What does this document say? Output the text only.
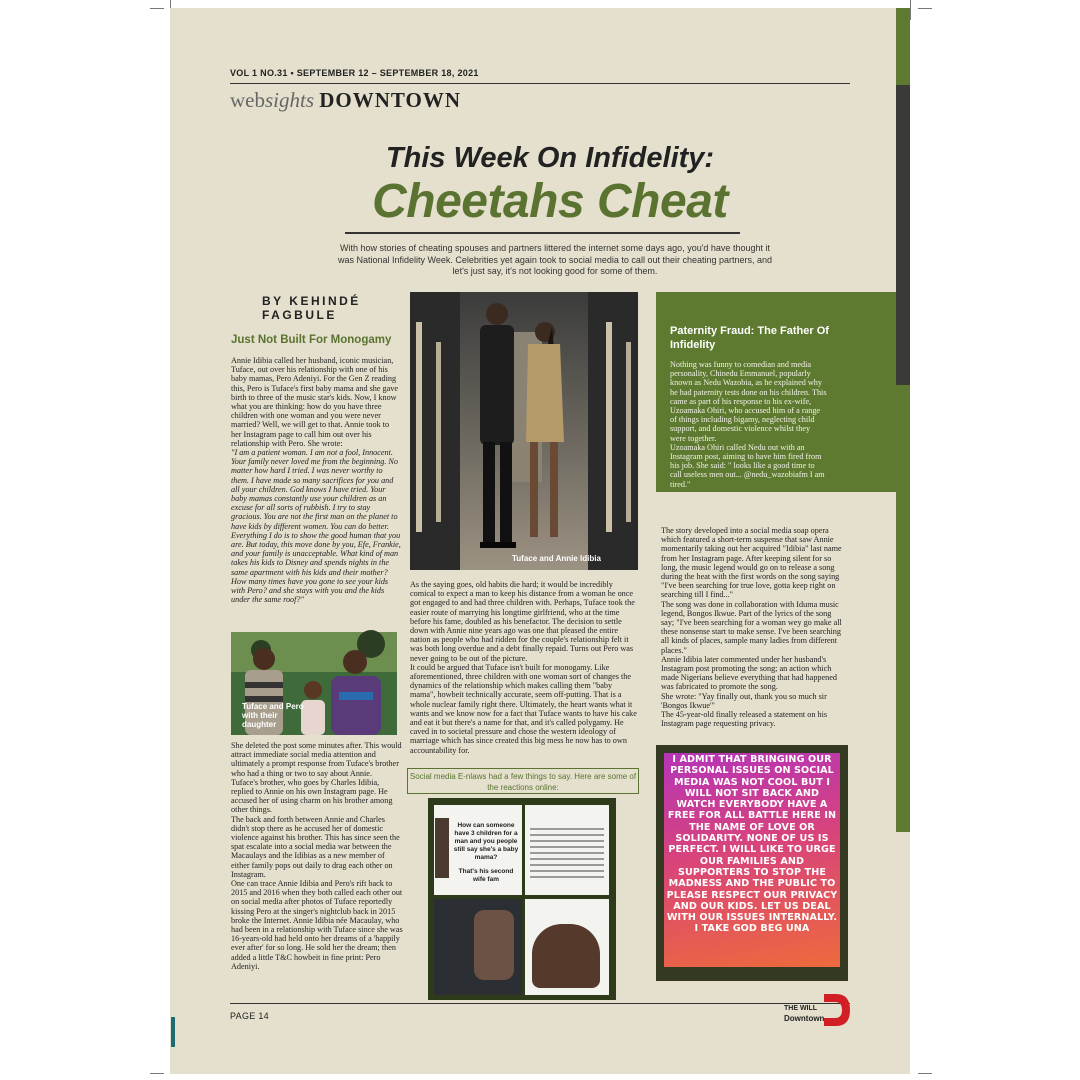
VOL 1 NO.31 • SEPTEMBER 12 – SEPTEMBER 18, 2021
websights DOWNTOWN
This Week On Infidelity:
Cheetahs Cheat
With how stories of cheating spouses and partners littered the internet some days ago, you'd have thought it was National Infidelity Week. Celebrities yet again took to social media to call out their cheating partners, and let's just say, it's not looking good for some of them.
BY KEHINDÉ FAGBULE
Just Not Built For Monogamy

Annie Idibia called her husband, iconic musician, Tuface, out over his relationship with one of his baby mamas, Pero Adeniyi. For the Gen Z reading this, Pero is Tuface's first baby mama and she gave birth to three of the music star's kids. Now, I know what you are thinking: how do you have three children with one woman and you were never married? Well, we will get to that. Annie took to her Instagram page to call him out over his relationship with Pero. She wrote:

"I am a patient woman. I am not a fool, Innocent. Your family never loved me from the beginning. No matter how hard I tried. I was never worthy to them. I have made so many sacrifices for you and all your children. God knows I have tried. Your baby mamas constantly use your children as an excuse for all sorts of rubbish. I try to stay gracious. You are not the first man on the planet to have kids by different women. You can do better. Everything I do is to show the good human that you are. But today, this move done by you, Efe, Frankie, and your family is unacceptable. What kind of man takes his kids to Disney and spends nights in the same apartment with his kids and their mother? How many times have you gone to see your kids with Pero? and she stays with you and the kids under the same roof?"

Tuface and Pero with their daughter

She deleted the post some minutes after. This would attract immediate social media attention and ultimately a prompt response from Tuface's brother who had a thing or two to say about Annie.

Tuface's brother, who goes by Charles Idibia, replied to Annie on his own Instagram page. He accused her of using charm on his brother among other things.

The back and forth between Annie and Charles didn't stop there as he accused her of domestic violence against his brother. This has since seen the spat escalate into a social media war between the Macaulays and the Idibias as a new member of either family pops out daily to drag each other on Instagram.

One can trace Annie Idibia and Pero's rift back to 2015 and 2016 when they both called each other out on social media after photos of Tuface reportedly kissing Pero at the singer's nightclub back in 2015 broke the Internet. Annie Idibia née Macaulay, who had been in a relationship with Tuface since she was 16-years-old had held onto her dreams of a 'happily ever after' for so long. He sold her the dream; then added a little T&C howbeit in fine print: Pero Adeniyi.

Tuface and Annie Idibia

As the saying goes, old habits die hard; it would be incredibly comical to expect a man to keep his distance from a woman he once got engaged to and had three children with. Perhaps, Tuface took the easier route of marrying his longtime girlfriend, who at the time before his fame, doubled as his benefactor. The decision to settle down with Annie nine years ago was one that pleased the entire nation as people who had ridden for the couple's relationship felt it was both long overdue and a debt finally repaid. Turns out Pero was never going to be out of the picture.

It could be argued that Tuface isn't built for monogamy. Like aforementioned, three children with one woman sort of changes the dynamics of the relationship which makes calling them "baby mama", howbeit technically accurate, seem off-putting. That is a whole nuclear family right there. Ultimately, the heart wants what it wants and we know now for a fact that Tuface wants to have his cake and eat it but there's a name for that, and it's called polygamy. He caved in to societal pressure and chose the western ideology of marriage which has since created this big mess he now has to own accountability for.

Social media E-nlaws had a few things to say. Here are some of the reactions online:
How can someone have 3 children for a man and you people still say she's a baby mama?
That's his second wife fam
Paternity Fraud: The Father Of Infidelity

Nothing was funny to comedian and media personality, Chinedu Emmanuel, popularly known as Nedu Wazobia, as he explained why he had paternity tests done on his children. This came as part of his response to his ex-wife, Uzoamaka Ohiri, who accused him of a range of things including bigamy, neglecting child support, and domestic violence whilst they were together.

Uzoamaka Ohiri called Nedu out with an Instagram post, aiming to have him fired from his job. She said: " looks like a good time to call useless men out... @nedu_wazobiafm I am tired."

The story developed into a social media soap opera which featured a short-term suspense that saw Annie momentarily taking out her acquired "Idibia" last name from her Instagram page. After keeping silent for so long, the music legend would go on to release a song during the heat with the first words on the song saying "I've been searching for true love, gotta keep right on searching till I find..."

The song was done in collaboration with Iduma music legend, Bongos Ikwue. Part of the lyrics of the song say; "I've been searching for a woman wey go make all these nonsense start to make sense. I've been searching all kinds of places, sample many ladies from different places."

Annie Idibia later commented under her husband's Instagram post promoting the song; an action which made Nigerians believe everything that had happened was fabricated to promote the song.

She wrote: "Yay finally out, thank you so much sir 'Bongos Ikwue'"

The 45-year-old finally released a statement on his Instagram page requesting privacy.

I ADMIT THAT BRINGING OUR PERSONAL ISSUES ON SOCIAL MEDIA WAS NOT COOL BUT I WILL NOT SIT BACK AND WATCH EVERYBODY HAVE A FREE FOR ALL BATTLE HERE IN THE NAME OF LOVE OR SOLIDARITY. NONE OF US IS PERFECT. I WILL LIKE TO URGE OUR FAMILIES AND SUPPORTERS TO STOP THE MADNESS AND THE PUBLIC TO PLEASE RESPECT OUR PRIVACY AND OUR KIDS. LET US DEAL WITH OUR ISSUES INTERNALLY. I TAKE GOD BEG UNA
PAGE 14
THE WILL
Downtown
